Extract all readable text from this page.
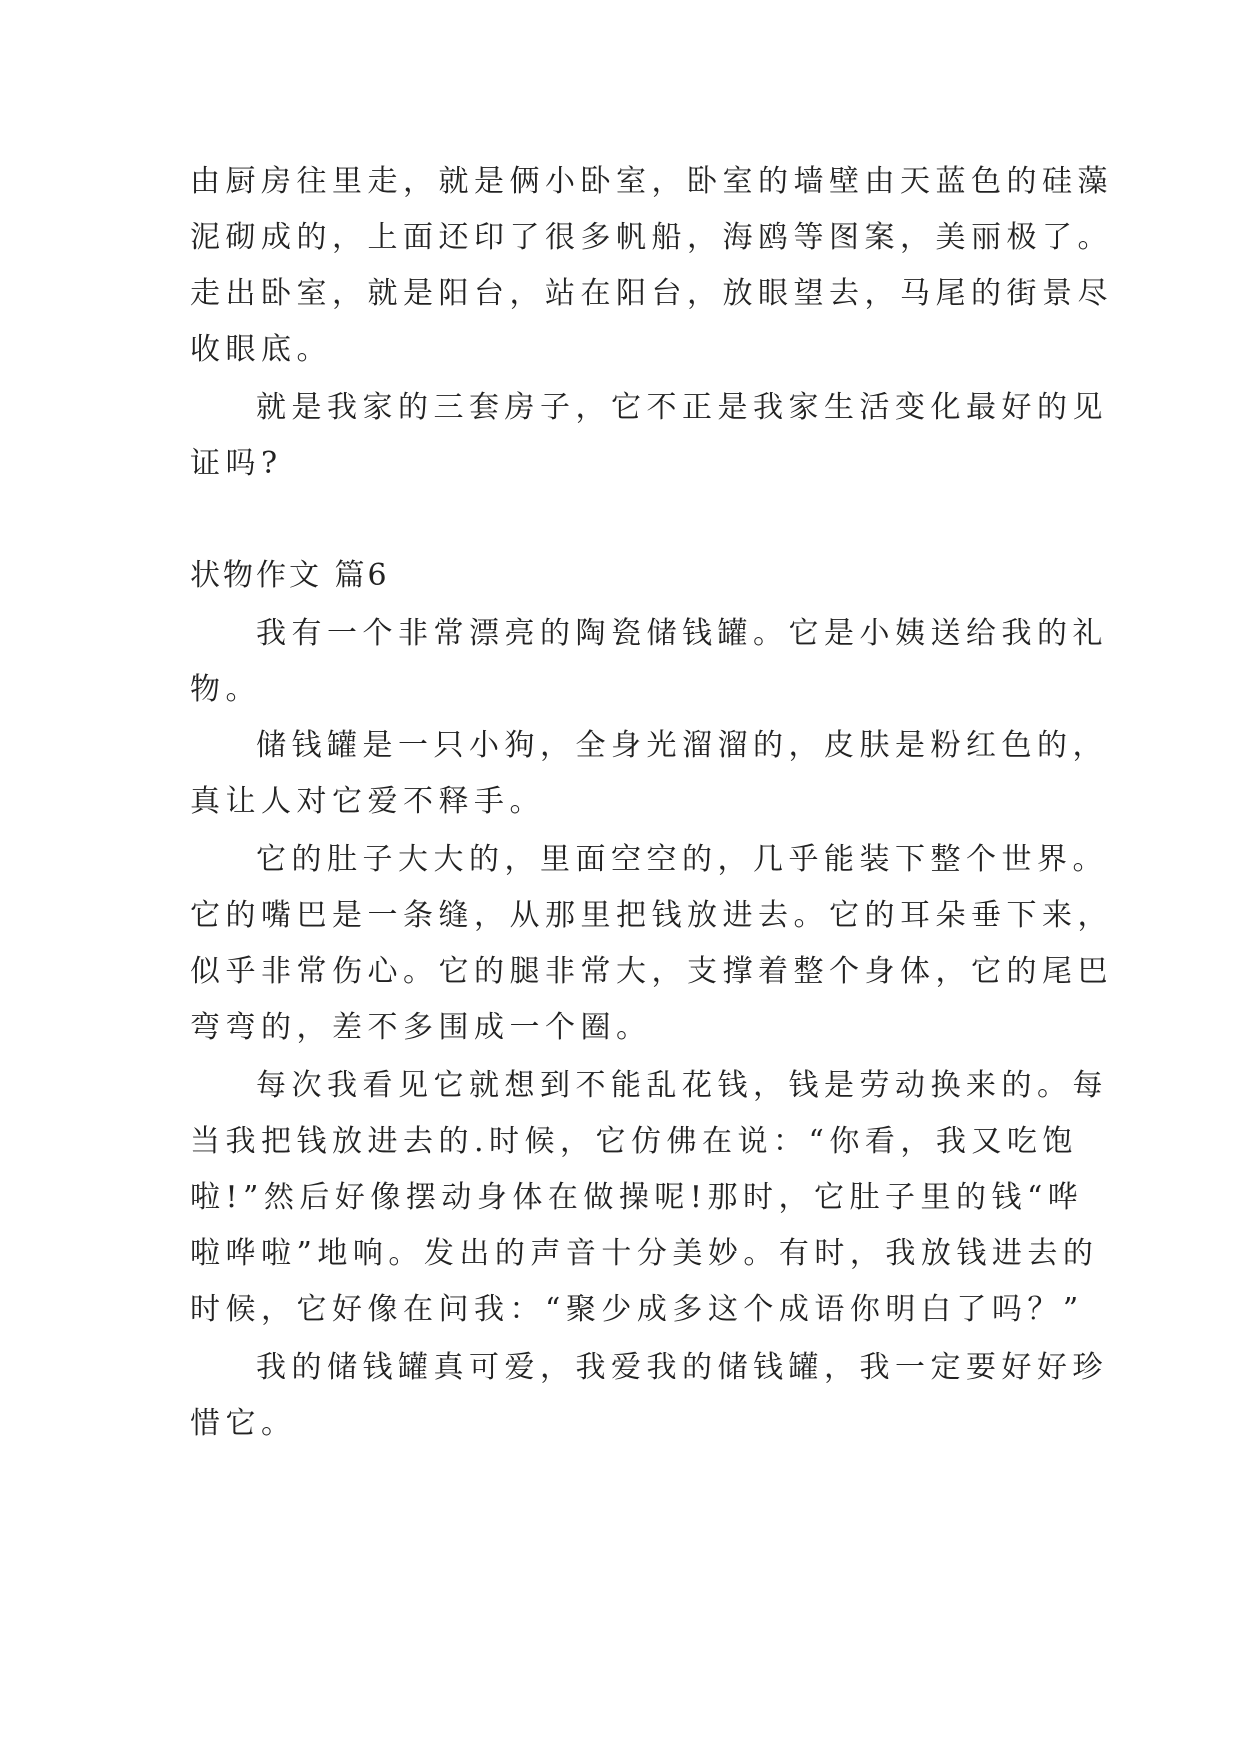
由厨房往里走，就是俩小卧室，卧室的墙壁由天蓝色的硅藻
泥砌成的，上面还印了很多帆船，海鸥等图案，美丽极了。
走出卧室，就是阳台，站在阳台，放眼望去，马尾的街景尽
收眼底。
就是我家的三套房子，它不正是我家生活变化最好的见
证吗?
状物作文 篇6
我有一个非常漂亮的陶瓷储钱罐。它是小姨送给我的礼
物。
储钱罐是一只小狗，全身光溜溜的，皮肤是粉红色的，
真让人对它爱不释手。
它的肚子大大的，里面空空的，几乎能装下整个世界。
它的嘴巴是一条缝，从那里把钱放进去。它的耳朵垂下来，
似乎非常伤心。它的腿非常大，支撑着整个身体，它的尾巴
弯弯的，差不多围成一个圈。
每次我看见它就想到不能乱花钱，钱是劳动换来的。每
当我把钱放进去的.时候，它仿佛在说：“你看，我又吃饱
啦!”然后好像摆动身体在做操呢!那时，它肚子里的钱“哗
啦哗啦”地响。发出的声音十分美妙。有时，我放钱进去的
时候，它好像在问我：“聚少成多这个成语你明白了吗？”
我的储钱罐真可爱，我爱我的储钱罐，我一定要好好珍
惜它。
